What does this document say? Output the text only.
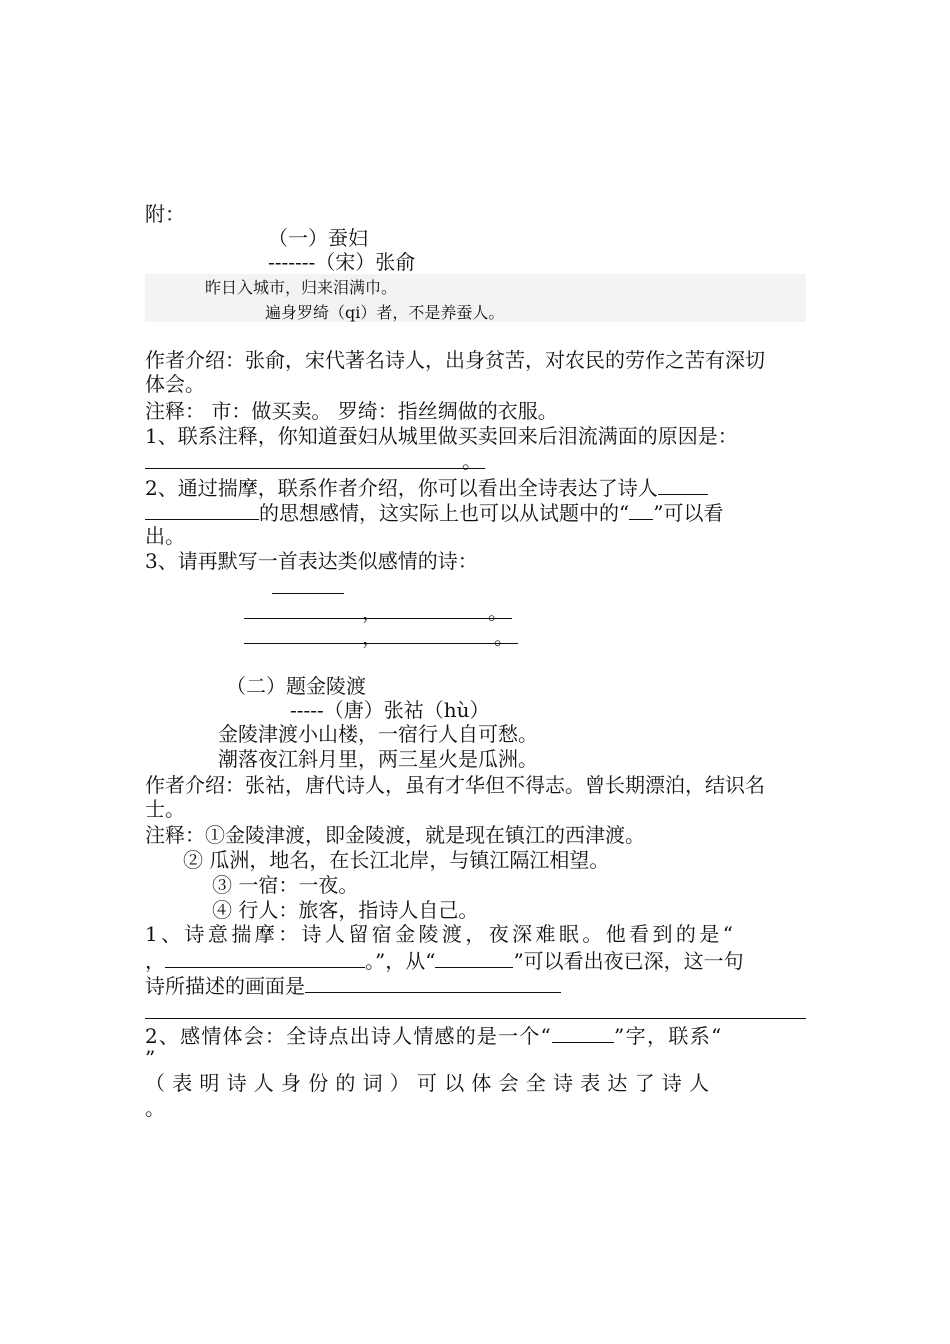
附：
（一）蚕妇
-------（宋）张俞
昨日入城市，归来泪满巾。
遍身罗绮（qi）者，不是养蚕人。
作者介绍：张俞，宋代著名诗人，出身贫苦，对农民的劳作之苦有深切
体会。
注释： 市：做买卖。 罗绮：指丝绸做的衣服。
1、联系注释，你知道蚕妇从城里做买卖回来后泪流满面的原因是：
。
2、通过揣摩，联系作者介绍，你可以看出全诗表达了诗人
的思想感情，这实际上也可以从试题中的“ ”可以看
出。
3、请再默写一首表达类似感情的诗：
，	。
，	。
（二）题金陵渡
-----（唐）张祜（hù）
金陵津渡小山楼，一宿行人自可愁。
潮落夜江斜月里，两三星火是瓜洲。
作者介绍：张祜，唐代诗人，虽有才华但不得志。曾长期漂泊，结识名
士。
注释：①金陵津渡，即金陵渡，就是现在镇江的西津渡。
② 瓜洲，地名，在长江北岸，与镇江隔江相望。
③ 一宿：一夜。
④ 行人：旅客，指诗人自己。
1、诗意揣摩：诗人留宿金陵渡，夜深难眠。他看到的是“
，	。”，从“	”可以看出夜已深，这一句
诗所描述的画面是
2、感情体会：全诗点出诗人情感的是一个“	”字，联系“
”
（表明诗人身份的词）可以体会全诗表达了诗人
。
